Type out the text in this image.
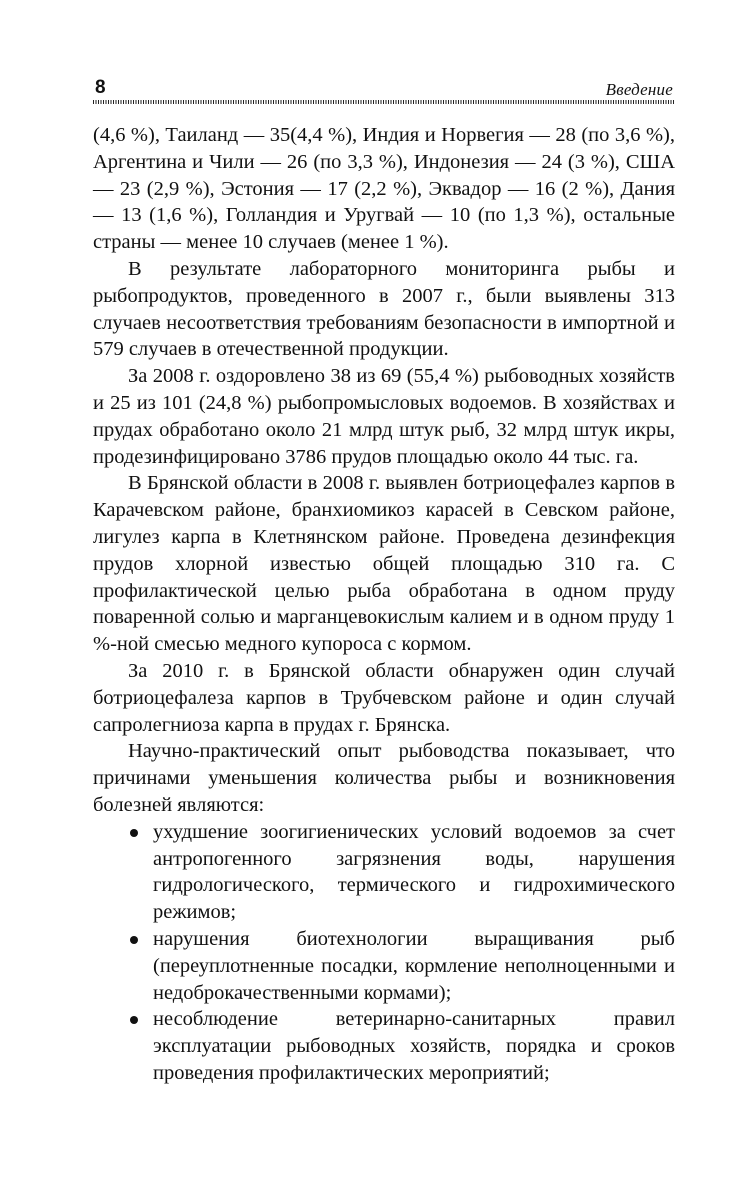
8	Введение

(4,6 %), Таиланд — 35(4,4 %), Индия и Норвегия — 28 (по 3,6 %), Аргентина и Чили — 26 (по 3,3 %), Индонезия — 24 (3 %), США — 23 (2,9 %), Эстония — 17 (2,2 %), Эквадор — 16 (2 %), Дания — 13 (1,6 %), Голландия и Уругвай — 10 (по 1,3 %), остальные страны — менее 10 случаев (менее 1 %).

В результате лабораторного мониторинга рыбы и рыбопродуктов, проведенного в 2007 г., были выявлены 313 случаев несоответствия требованиям безопасности в импортной и 579 случаев в отечественной продукции.

За 2008 г. оздоровлено 38 из 69 (55,4 %) рыбоводных хозяйств и 25 из 101 (24,8 %) рыбопромысловых водоемов. В хозяйствах и прудах обработано около 21 млрд штук рыб, 32 млрд штук икры, продезинфицировано 3786 прудов площадью около 44 тыс. га.

В Брянской области в 2008 г. выявлен ботриоцефалез карпов в Карачевском районе, бранхиомикоз карасей в Севском районе, лигулез карпа в Клетнянском районе. Проведена дезинфекция прудов хлорной известью общей площадью 310 га. С профилактической целью рыба обработана в одном пруду поваренной солью и марганцевокислым калием и в одном пруду 1 %-ной смесью медного купороса с кормом.

За 2010 г. в Брянской области обнаружен один случай ботриоцефалеза карпов в Трубчевском районе и один случай сапролегниоза карпа в прудах г. Брянска.

Научно-практический опыт рыбоводства показывает, что причинами уменьшения количества рыбы и возникновения болезней являются:

ухудшение зоогигиенических условий водоемов за счет антропогенного загрязнения воды, нарушения гидрологического, термического и гидрохимического режимов;
нарушения биотехнологии выращивания рыб (переуплотненные посадки, кормление неполноценными и недоброкачественными кормами);
несоблюдение ветеринарно-санитарных правил эксплуатации рыбоводных хозяйств, порядка и сроков проведения профилактических мероприятий;
